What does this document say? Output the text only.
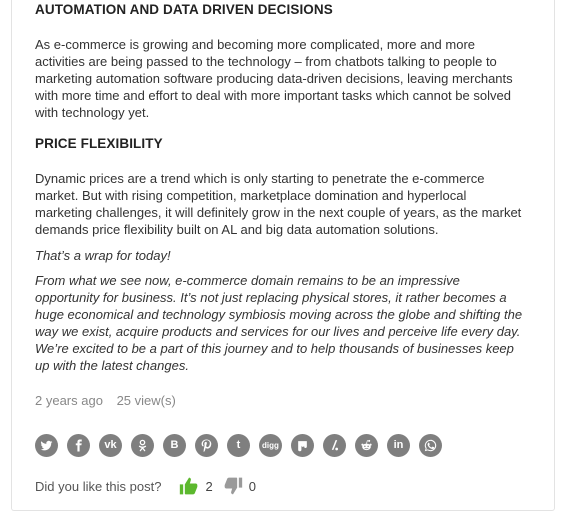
AUTOMATION AND DATA DRIVEN DECISIONS

As e-commerce is growing and becoming more complicated, more and more
activities are being passed to the technology – from chatbots talking to people to
marketing automation software producing data-driven decisions, leaving merchants
with more time and effort to deal with more important tasks which cannot be solved
with technology yet.

PRICE FLEXIBILITY

Dynamic prices are a trend which is only starting to penetrate the e-commerce
market. But with rising competition, marketplace domination and hyperlocal
marketing challenges, it will definitely grow in the next couple of years, as the market
demands price flexibility built on AL and big data automation solutions.

That’s a wrap for today!

From what we see now, e-commerce domain remains to be an impressive
opportunity for business. It’s not just replacing physical stores, it rather becomes a
huge economical and technology symbiosis moving across the globe and shifting the
way we exist, acquire products and services for our lives and perceive life every day.
We’re excited to be a part of this journey and to help thousands of businesses keep
up with the latest changes.

2 years ago 25 view(s)
vk	B	t	digg	in
Did you like this post?	2	0
